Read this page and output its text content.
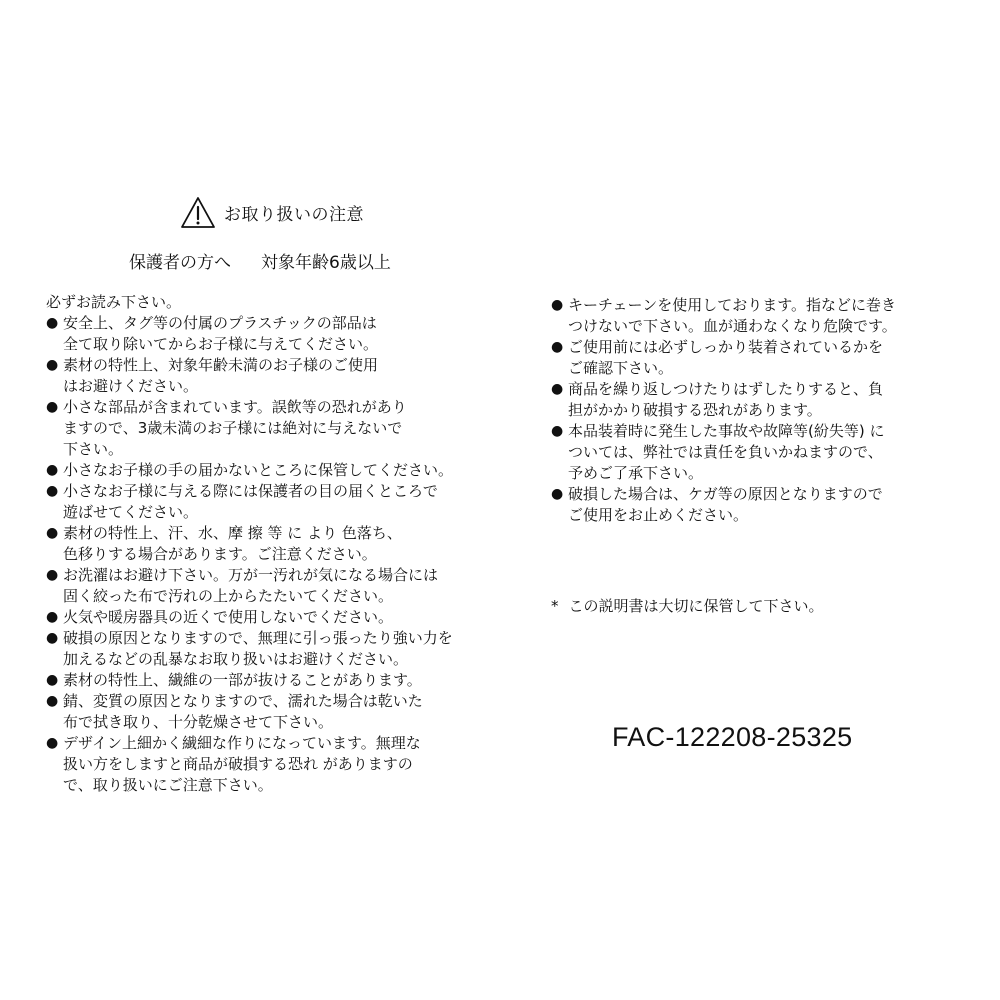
お取り扱いの注意
保護者の方へ 対象年齢6歳以上
必ずお読み下さい。
● 安全上、タグ等の付属のプラスチックの部品は
全て取り除いてからお子様に与えてください。
● 素材の特性上、対象年齢未満のお子様のご使用
はお避けください。
● 小さな部品が含まれています。誤飲等の恐れがあり
ますので、3歳未満のお子様には絶対に与えないで
下さい。
● 小さなお子様の手の届かないところに保管してください。
● 小さなお子様に与える際には保護者の目の届くところで
遊ばせてください。
● 素材の特性上、汗、水、摩 擦 等 に より 色落ち、
色移りする場合があります。ご注意ください。
● お洗濯はお避け下さい。万が一汚れが気になる場合には
固く絞った布で汚れの上からたたいてください。
● 火気や暖房器具の近くで使用しないでください。
● 破損の原因となりますので、無理に引っ張ったり強い力を
加えるなどの乱暴なお取り扱いはお避けください。
● 素材の特性上、繊維の一部が抜けることがあります。
● 錆、変質の原因となりますので、濡れた場合は乾いた
布で拭き取り、十分乾燥させて下さい。
● デザイン上細かく繊細な作りになっています。無理な
扱い方をしますと商品が破損する恐れ がありますの
で、取り扱いにご注意下さい。
● キーチェーンを使用しております。指などに巻き
つけないで下さい。血が通わなくなり危険です。
● ご使用前には必ずしっかり装着されているかを
ご確認下さい。
● 商品を繰り返しつけたりはずしたりすると、負
担がかかり破損する恐れがあります。
● 本品装着時に発生した事故や故障等(紛失等) に
ついては、弊社では責任を負いかねますので、
予めご了承下さい。
● 破損した場合は、ケガ等の原因となりますので
ご使用をお止めください。
* この説明書は大切に保管して下さい。
FAC-122208-25325
